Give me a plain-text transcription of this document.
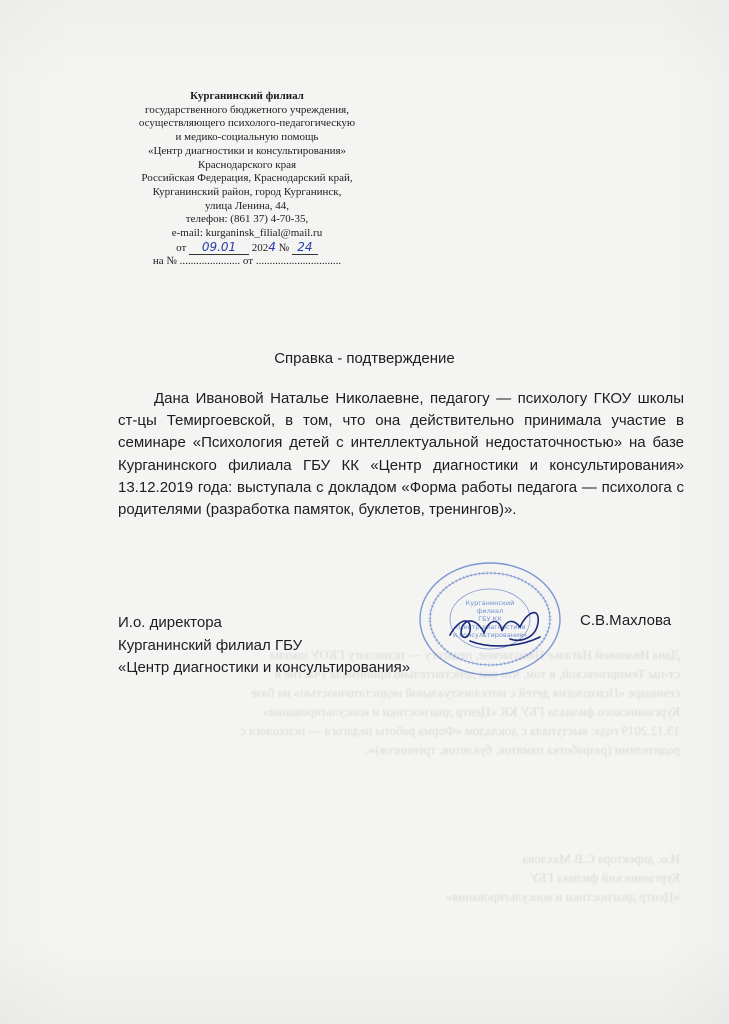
Дана Ивановой Наталье Николаевне, педагогу — психологу ГКОУ школы
ст-цы Темиргоевской, в том, что она действительно принимала участие в
семинаре «Психология детей с интеллектуальной недостаточностью» на базе
Курганинского филиала ГБУ КК «Центр диагностики и консультирования»
13.12.2019 года: выступала с докладом «Форма работы педагога — психолога с
родителями (разработка памяток, буклетов, тренингов)».
И.о. директора С.В.Махлова
Курганинский филиал ГБУ
«Центр диагностики и консультирования»
Курганинский филиал
государственного бюджетного учреждения,
осуществляющего психолого-педагогическую
и медико-социальную помощь
«Центр диагностики и консультирования»
Краснодарского края
Российская Федерация, Краснодарский край,
Курганинский район, город Курганинск,
улица Ленина, 44,
телефон: (861 37) 4-70-35,
e-mail: kurganinsk_filial@mail.ru
от 09.01 2024 № 24
на № ...................... от ...............................
Справка - подтверждение

Дана Ивановой Наталье Николаевне, педагогу — психологу ГКОУ школы ст-цы Темиргоевской, в том, что она действительно принимала участие в семинаре «Психология детей с интеллектуальной недостаточностью» на базе Курганинского филиала ГБУ КК «Центр диагностики и консультирования» 13.12.2019 года: выступала с докладом «Форма работы педагога — психолога с родителями (разработка памяток, буклетов, тренингов)».

И.о. директора
Курганинский филиал ГБУ
«Центр диагностики и консультирования»
С.В.Махлова
Курганинский
филиал
ГБУ КК
«Центр диагностики
и консультирования»
